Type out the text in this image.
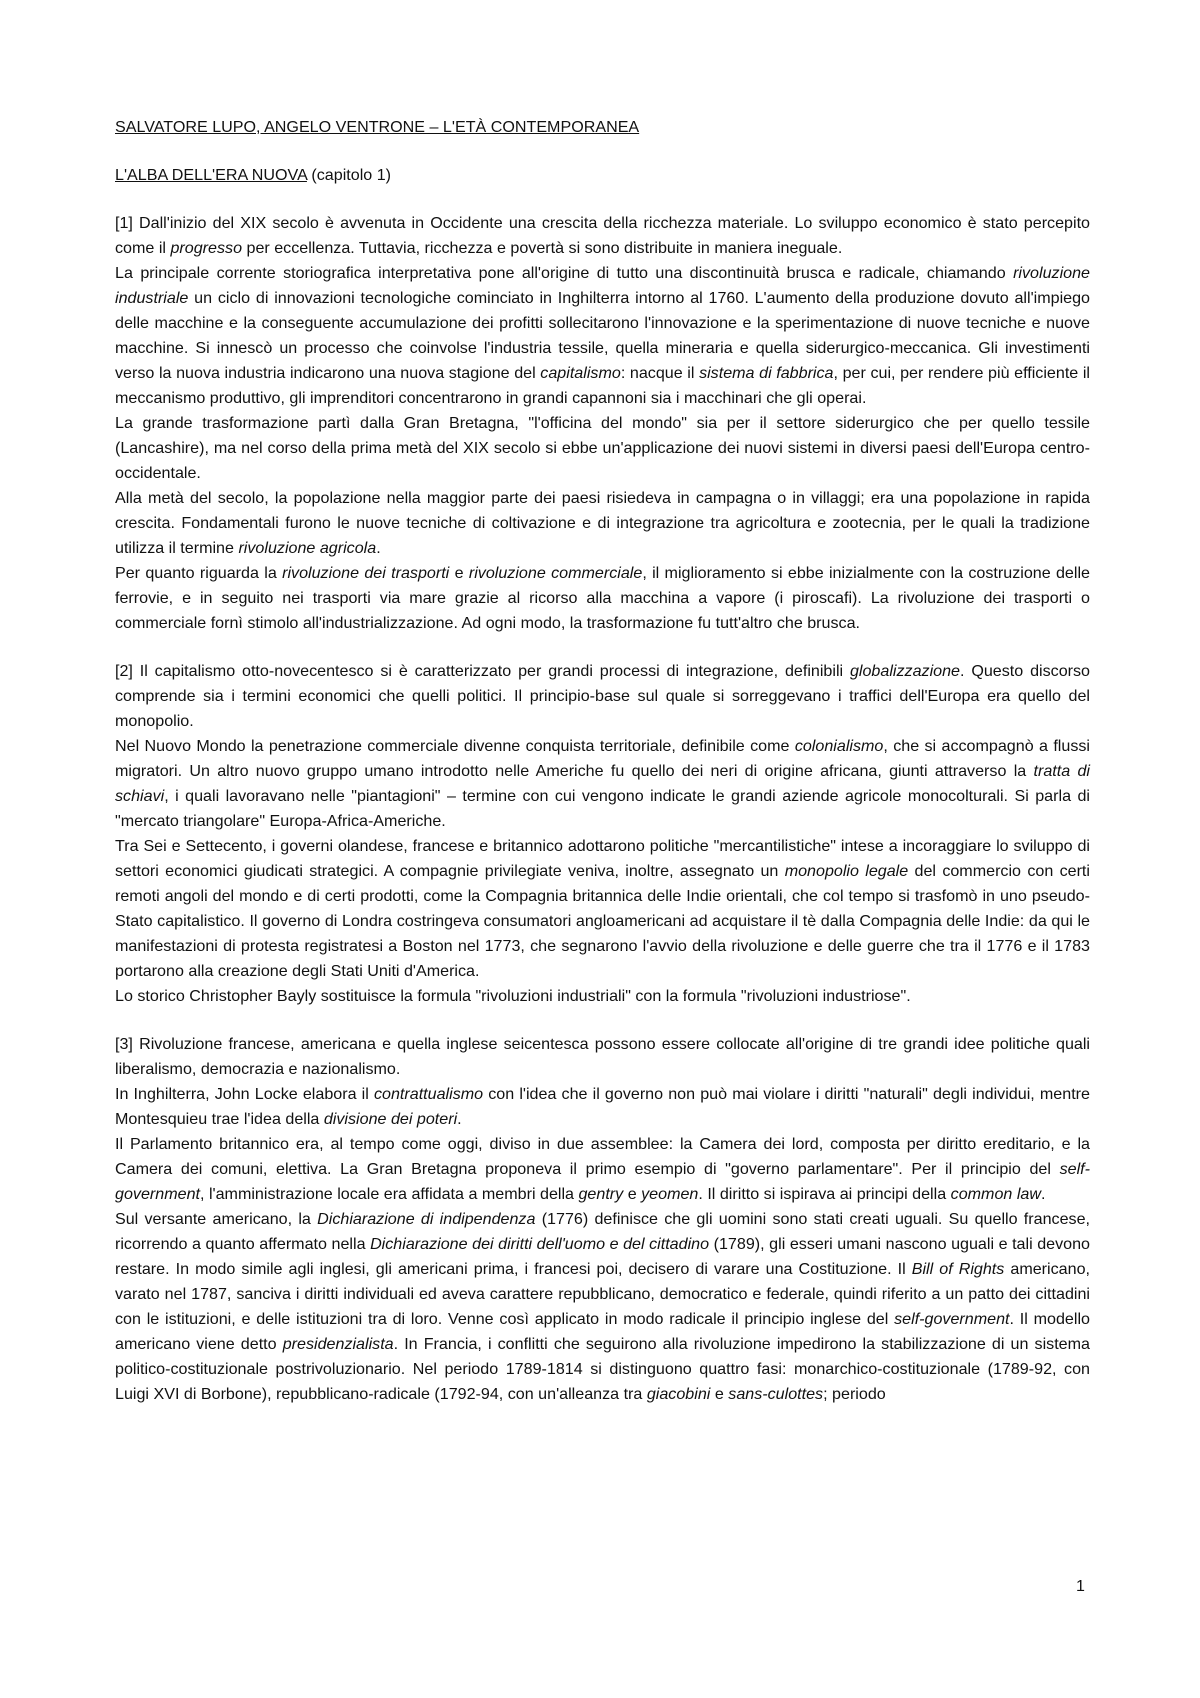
SALVATORE LUPO, ANGELO VENTRONE – L'ETÀ CONTEMPORANEA

L'ALBA DELL'ERA NUOVA (capitolo 1)

[1] Dall'inizio del XIX secolo è avvenuta in Occidente una crescita della ricchezza materiale. Lo sviluppo economico è stato percepito come il progresso per eccellenza. Tuttavia, ricchezza e povertà si sono distribuite in maniera ineguale.

La principale corrente storiografica interpretativa pone all'origine di tutto una discontinuità brusca e radicale, chiamando rivoluzione industriale un ciclo di innovazioni tecnologiche cominciato in Inghilterra intorno al 1760. L'aumento della produzione dovuto all'impiego delle macchine e la conseguente accumulazione dei profitti sollecitarono l'innovazione e la sperimentazione di nuove tecniche e nuove macchine. Si innescò un processo che coinvolse l'industria tessile, quella mineraria e quella siderurgico-meccanica. Gli investimenti verso la nuova industria indicarono una nuova stagione del capitalismo: nacque il sistema di fabbrica, per cui, per rendere più efficiente il meccanismo produttivo, gli imprenditori concentrarono in grandi capannoni sia i macchinari che gli operai.

La grande trasformazione partì dalla Gran Bretagna, "l'officina del mondo" sia per il settore siderurgico che per quello tessile (Lancashire), ma nel corso della prima metà del XIX secolo si ebbe un'applicazione dei nuovi sistemi in diversi paesi dell'Europa centro-occidentale.

Alla metà del secolo, la popolazione nella maggior parte dei paesi risiedeva in campagna o in villaggi; era una popolazione in rapida crescita. Fondamentali furono le nuove tecniche di coltivazione e di integrazione tra agricoltura e zootecnia, per le quali la tradizione utilizza il termine rivoluzione agricola.

Per quanto riguarda la rivoluzione dei trasporti e rivoluzione commerciale, il miglioramento si ebbe inizialmente con la costruzione delle ferrovie, e in seguito nei trasporti via mare grazie al ricorso alla macchina a vapore (i piroscafi). La rivoluzione dei trasporti o commerciale fornì stimolo all'industrializzazione. Ad ogni modo, la trasformazione fu tutt'altro che brusca.

[2] Il capitalismo otto-novecentesco si è caratterizzato per grandi processi di integrazione, definibili globalizzazione. Questo discorso comprende sia i termini economici che quelli politici. Il principio-base sul quale si sorreggevano i traffici dell'Europa era quello del monopolio.

Nel Nuovo Mondo la penetrazione commerciale divenne conquista territoriale, definibile come colonialismo, che si accompagnò a flussi migratori. Un altro nuovo gruppo umano introdotto nelle Americhe fu quello dei neri di origine africana, giunti attraverso la tratta di schiavi, i quali lavoravano nelle "piantagioni" – termine con cui vengono indicate le grandi aziende agricole monocolturali. Si parla di "mercato triangolare" Europa-Africa-Americhe.

Tra Sei e Settecento, i governi olandese, francese e britannico adottarono politiche "mercantilistiche" intese a incoraggiare lo sviluppo di settori economici giudicati strategici. A compagnie privilegiate veniva, inoltre, assegnato un monopolio legale del commercio con certi remoti angoli del mondo e di certi prodotti, come la Compagnia britannica delle Indie orientali, che col tempo si trasfomò in uno pseudo-Stato capitalistico. Il governo di Londra costringeva consumatori angloamericani ad acquistare il tè dalla Compagnia delle Indie: da qui le manifestazioni di protesta registratesi a Boston nel 1773, che segnarono l'avvio della rivoluzione e delle guerre che tra il 1776 e il 1783 portarono alla creazione degli Stati Uniti d'America.

Lo storico Christopher Bayly sostituisce la formula "rivoluzioni industriali" con la formula "rivoluzioni industriose".

[3] Rivoluzione francese, americana e quella inglese seicentesca possono essere collocate all'origine di tre grandi idee politiche quali liberalismo, democrazia e nazionalismo.

In Inghilterra, John Locke elabora il contrattualismo con l'idea che il governo non può mai violare i diritti "naturali" degli individui, mentre Montesquieu trae l'idea della divisione dei poteri.

Il Parlamento britannico era, al tempo come oggi, diviso in due assemblee: la Camera dei lord, composta per diritto ereditario, e la Camera dei comuni, elettiva. La Gran Bretagna proponeva il primo esempio di "governo parlamentare". Per il principio del self-government, l'amministrazione locale era affidata a membri della gentry e yeomen. Il diritto si ispirava ai principi della common law.

Sul versante americano, la Dichiarazione di indipendenza (1776) definisce che gli uomini sono stati creati uguali. Su quello francese, ricorrendo a quanto affermato nella Dichiarazione dei diritti dell'uomo e del cittadino (1789), gli esseri umani nascono uguali e tali devono restare. In modo simile agli inglesi, gli americani prima, i francesi poi, decisero di varare una Costituzione. Il Bill of Rights americano, varato nel 1787, sanciva i diritti individuali ed aveva carattere repubblicano, democratico e federale, quindi riferito a un patto dei cittadini con le istituzioni, e delle istituzioni tra di loro. Venne così applicato in modo radicale il principio inglese del self-government. Il modello americano viene detto presidenzialista. In Francia, i conflitti che seguirono alla rivoluzione impedirono la stabilizzazione di un sistema politico-costituzionale postrivoluzionario. Nel periodo 1789-1814 si distinguono quattro fasi: monarchico-costituzionale (1789-92, con Luigi XVI di Borbone), repubblicano-radicale (1792-94, con un'alleanza tra giacobini e sans-culottes; periodo

1
